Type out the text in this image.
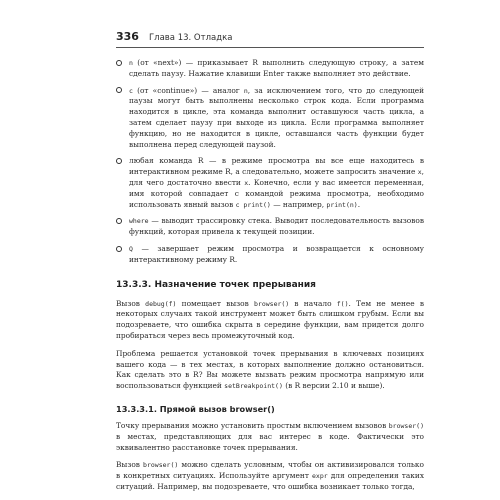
336 Глава 13. Отладка
n (от «next») — приказывает R выполнить следующую строку, а затем сделать паузу. Нажатие клавиши Enter также выполняет это действие.
c (от «continue») — аналог n, за исключением того, что до следующей паузы могут быть выполнены несколько строк кода. Если программа находится в цикле, эта команда выполнит оставшуюся часть цикла, а затем сделает паузу при выходе из цикла. Если программа выполняет функцию, но не находится в цикле, оставшаяся часть функции будет выполнена перед следующей паузой.
любая команда R — в режиме просмотра вы все еще находитесь в интерактивном режиме R, а следовательно, можете запросить значение x, для чего достаточно ввести x. Конечно, если у вас имеется переменная, имя которой совпадает с командой режима просмотра, необходимо использовать явный вызов c print() — например, print(n).
where — выводит трассировку стека. Выводит последовательность вызовов функций, которая привела к текущей позиции.
Q — завершает режим просмотра и возвращается к основному интерактивному режиму R.
13.3.3. Назначение точек прерывания

Вызов debug(f) помещает вызов browser() в начало f(). Тем не менее в некоторых случаях такой инструмент может быть слишком грубым. Если вы подозреваете, что ошибка скрыта в середине функции, вам придется долго пробираться через весь промежуточный код.

Проблема решается установкой точек прерывания в ключевых позициях вашего кода — в тех местах, в которых выполнение должно остановиться. Как сделать это в R? Вы можете вызвать режим просмотра напрямую или воспользоваться функцией setBreakpoint() (в R версии 2.10 и выше).

13.3.3.1. Прямой вызов browser()

Точку прерывания можно установить простым включением вызовов browser() в местах, представляющих для вас интерес в коде. Фактически это эквивалентно расстановке точек прерывания.

Вызов browser() можно сделать условным, чтобы он активизировался только в конкретных ситуациях. Используйте аргумент expr для определения таких ситуаций. Например, вы подозреваете, что ошибка возникает только тогда,
